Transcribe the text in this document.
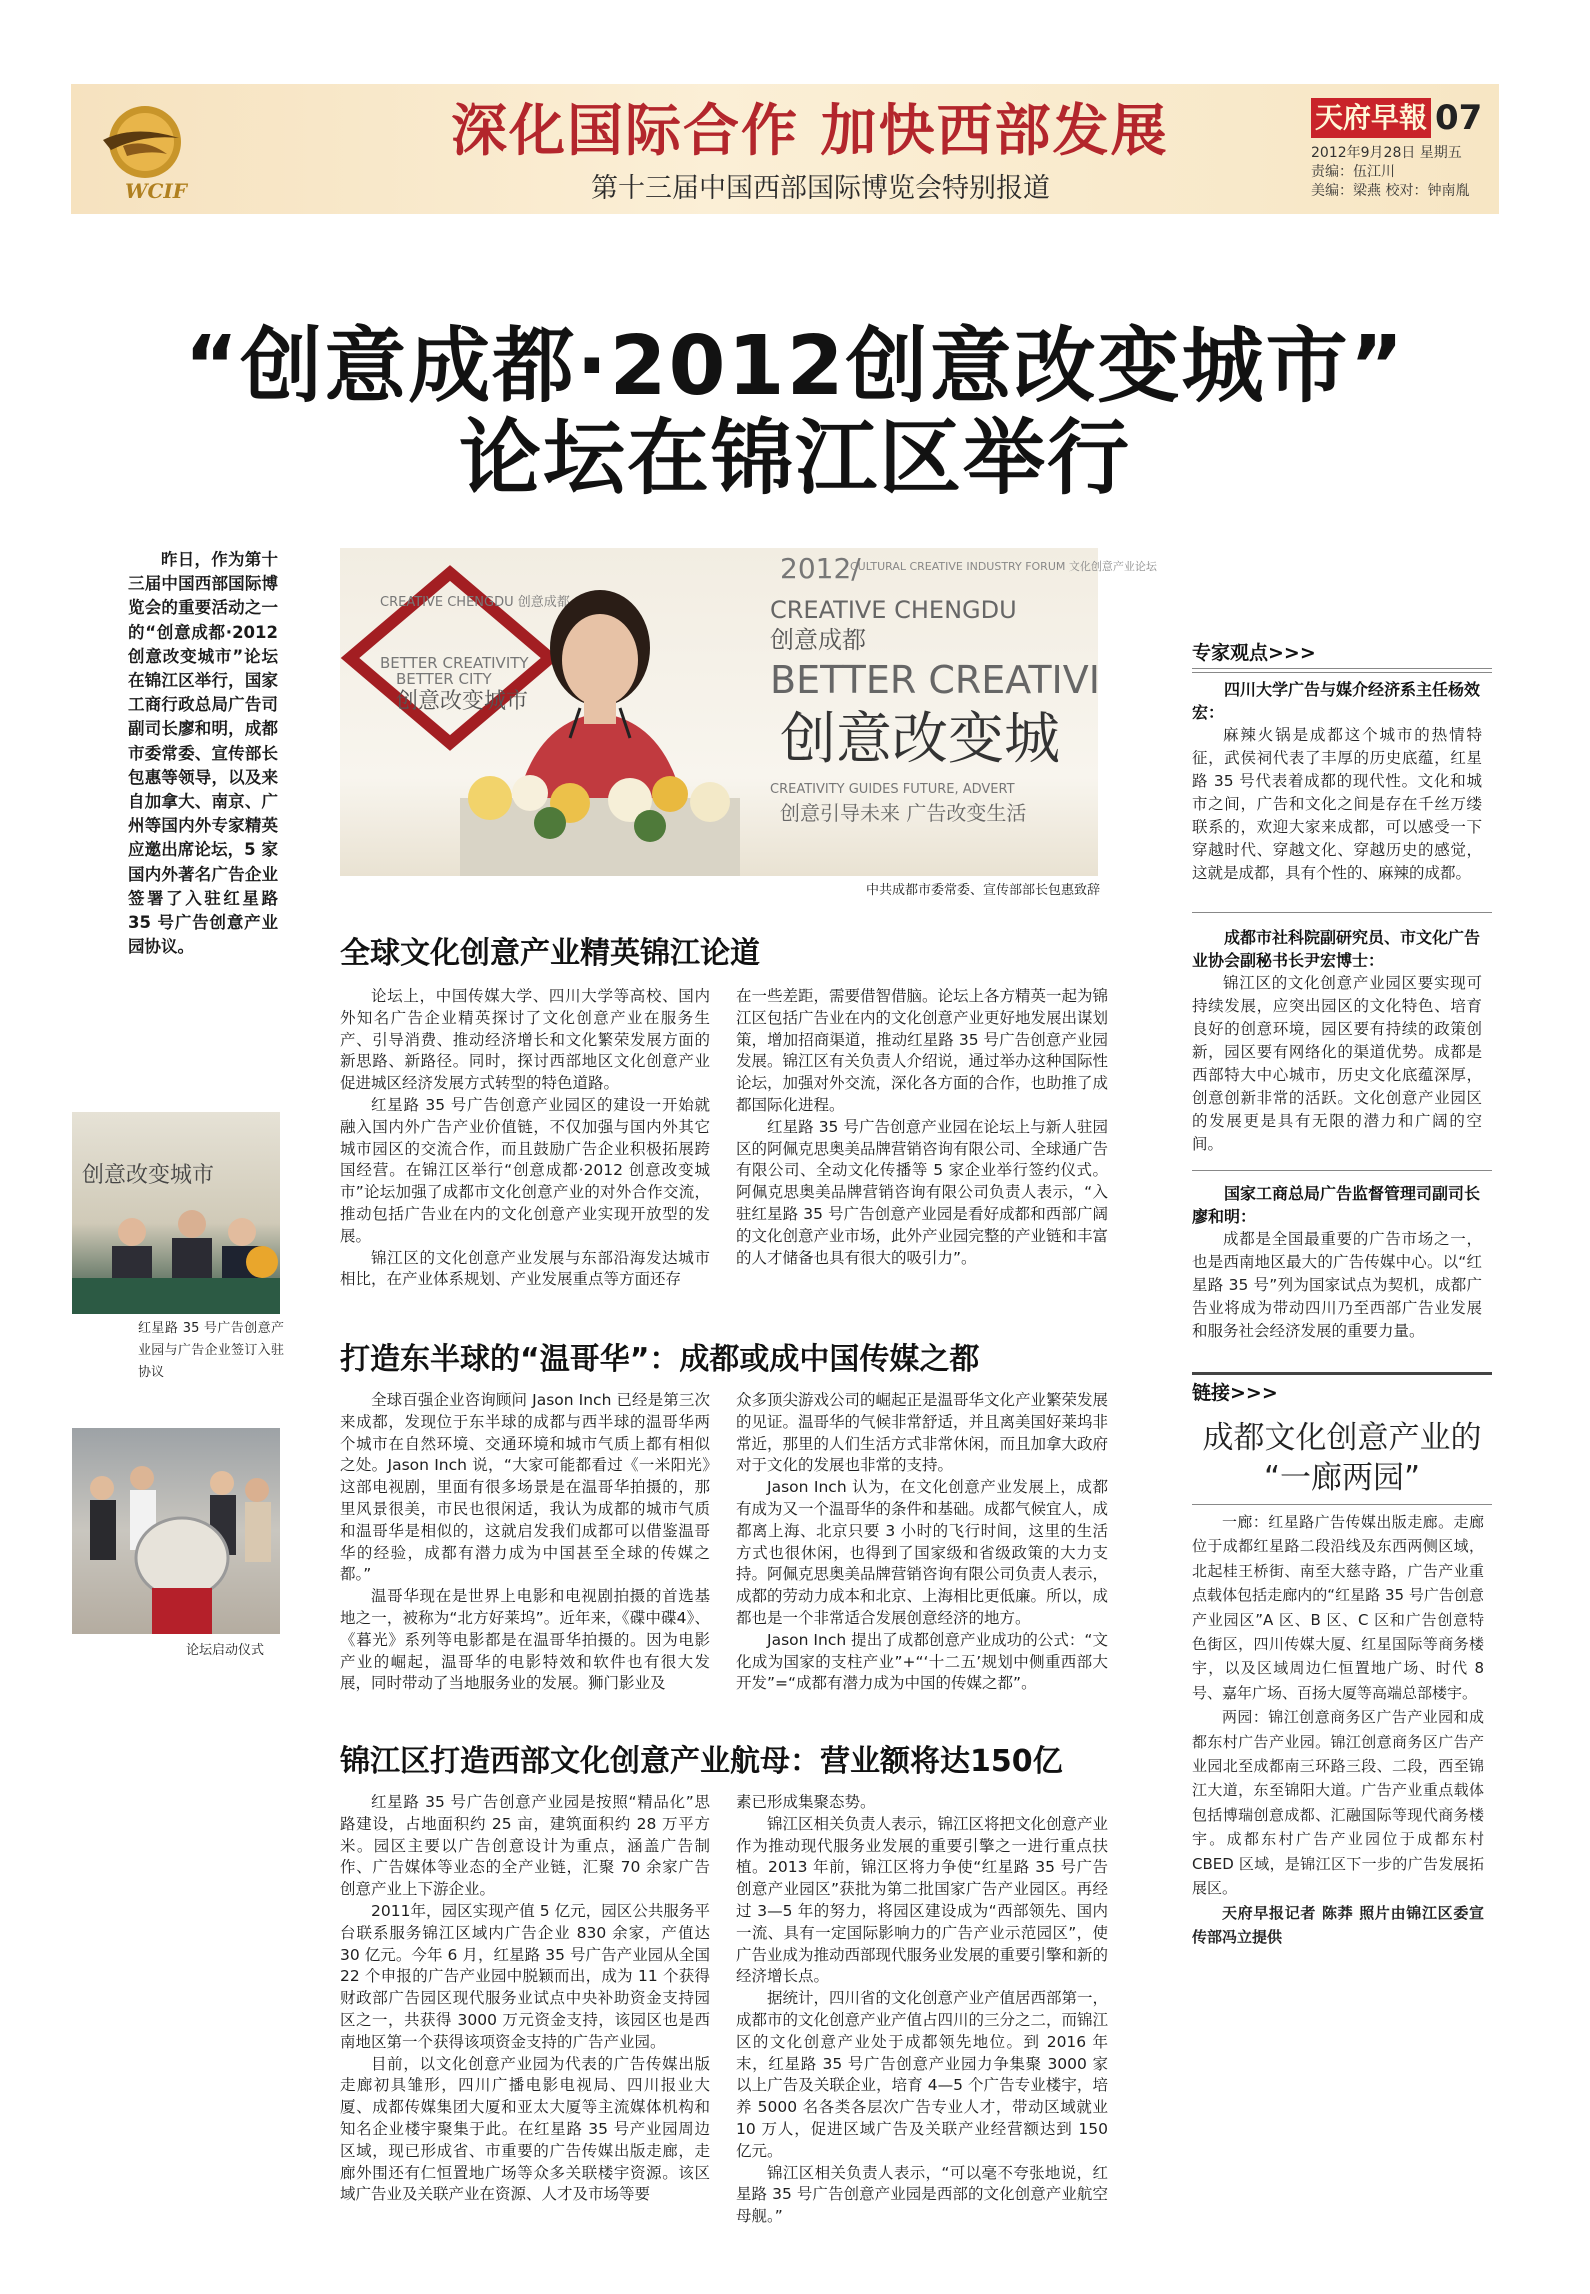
WCIF
深化国际合作 加快西部发展
第十三届中国西部国际博览会特别报道
天府早報 07
2012年9月28日 星期五
责编：伍江川
美编：梁燕 校对：钟南胤
“创意成都·2012创意改变城市”
论坛在锦江区举行

昨日，作为第十三届中国西部国际博览会的重要活动之一的“创意成都·2012 创意改变城市”论坛在锦江区举行，国家工商行政总局广告司副司长廖和明，成都市委常委、宣传部长包惠等领导，以及来自加拿大、南京、广州等国内外专家精英应邀出席论坛，5 家国内外著名广告企业签署了入驻红星路 35 号广告创意产业园协议。

CREATIVE CHENGDU 创意成都
BETTER CREATIVITY
BETTER CITY
创意改变城市
2012/
CULTURAL CREATIVE INDUSTRY FORUM 文化创意产业论坛
CREATIVE CHENGDU
创意成都
BETTER CREATIVI
创意改变城
CREATIVITY GUIDES FUTURE, ADVERT
创意引导未来 广告改变生活
中共成都市委常委、宣传部部长包惠致辞
创意改变城市
红星路 35 号广告创意产业园与广告企业签订入驻协议
论坛启动仪式
全球文化创意产业精英锦江论道

论坛上，中国传媒大学、四川大学等高校、国内外知名广告企业精英探讨了文化创意产业在服务生产、引导消费、推动经济增长和文化繁荣发展方面的新思路、新路径。同时，探讨西部地区文化创意产业促进城区经济发展方式转型的特色道路。

红星路 35 号广告创意产业园区的建设一开始就融入国内外广告产业价值链，不仅加强与国内外其它城市园区的交流合作，而且鼓励广告企业积极拓展跨国经营。在锦江区举行“创意成都·2012 创意改变城市”论坛加强了成都市文化创意产业的对外合作交流，推动包括广告业在内的文化创意产业实现开放型的发展。

锦江区的文化创意产业发展与东部沿海发达城市相比，在产业体系规划、产业发展重点等方面还存

在一些差距，需要借智借脑。论坛上各方精英一起为锦江区包括广告业在内的文化创意产业更好地发展出谋划策，增加招商渠道，推动红星路 35 号广告创意产业园发展。锦江区有关负责人介绍说，通过举办这种国际性论坛，加强对外交流，深化各方面的合作，也助推了成都国际化进程。

红星路 35 号广告创意产业园在论坛上与新人驻园区的阿佩克思奥美品牌营销咨询有限公司、全球通广告有限公司、全动文化传播等 5 家企业举行签约仪式。阿佩克思奥美品牌营销咨询有限公司负责人表示，“入驻红星路 35 号广告创意产业园是看好成都和西部广阔的文化创意产业市场，此外产业园完整的产业链和丰富的人才储备也具有很大的吸引力”。

打造东半球的“温哥华”：成都或成中国传媒之都

全球百强企业咨询顾问 Jason Inch 已经是第三次来成都，发现位于东半球的成都与西半球的温哥华两个城市在自然环境、交通环境和城市气质上都有相似之处。Jason Inch 说，“大家可能都看过《一米阳光》这部电视剧，里面有很多场景是在温哥华拍摄的，那里风景很美，市民也很闲适，我认为成都的城市气质和温哥华是相似的，这就启发我们成都可以借鉴温哥华的经验，成都有潜力成为中国甚至全球的传媒之都。”

温哥华现在是世界上电影和电视剧拍摄的首选基地之一，被称为“北方好莱坞”。近年来，《碟中碟4》、《暮光》系列等电影都是在温哥华拍摄的。因为电影产业的崛起，温哥华的电影特效和软件也有很大发展，同时带动了当地服务业的发展。狮门影业及

众多顶尖游戏公司的崛起正是温哥华文化产业繁荣发展的见证。温哥华的气候非常舒适，并且离美国好莱坞非常近，那里的人们生活方式非常休闲，而且加拿大政府对于文化的发展也非常的支持。

Jason Inch 认为，在文化创意产业发展上，成都有成为又一个温哥华的条件和基础。成都气候宜人，成都离上海、北京只要 3 小时的飞行时间，这里的生活方式也很休闲，也得到了国家级和省级政策的大力支持。阿佩克思奥美品牌营销咨询有限公司负责人表示，成都的劳动力成本和北京、上海相比更低廉。所以，成都也是一个非常适合发展创意经济的地方。

Jason Inch 提出了成都创意产业成功的公式：“文化成为国家的支柱产业”+“‘十二五’规划中侧重西部大开发”=“成都有潜力成为中国的传媒之都”。

锦江区打造西部文化创意产业航母：营业额将达150亿

红星路 35 号广告创意产业园是按照“精品化”思路建设，占地面积约 25 亩，建筑面积约 28 万平方米。园区主要以广告创意设计为重点，涵盖广告制作、广告媒体等业态的全产业链，汇聚 70 余家广告创意产业上下游企业。

2011年，园区实现产值 5 亿元，园区公共服务平台联系服务锦江区域内广告企业 830 余家，产值达 30 亿元。今年 6 月，红星路 35 号广告产业园从全国 22 个申报的广告产业园中脱颖而出，成为 11 个获得财政部广告园区现代服务业试点中央补助资金支持园区之一，共获得 3000 万元资金支持，该园区也是西南地区第一个获得该项资金支持的广告产业园。

目前，以文化创意产业园为代表的广告传媒出版走廊初具雏形，四川广播电影电视局、四川报业大厦、成都传媒集团大厦和亚太大厦等主流媒体机构和知名企业楼宇聚集于此。在红星路 35 号产业园周边区域，现已形成省、市重要的广告传媒出版走廊，走廊外围还有仁恒置地广场等众多关联楼宇资源。该区域广告业及关联产业在资源、人才及市场等要

素已形成集聚态势。

锦江区相关负责人表示，锦江区将把文化创意产业作为推动现代服务业发展的重要引擎之一进行重点扶植。2013 年前，锦江区将力争使“红星路 35 号广告创意产业园区”获批为第二批国家广告产业园区。再经过 3—5 年的努力，将园区建设成为“西部领先、国内一流、具有一定国际影响力的广告产业示范园区”，使广告业成为推动西部现代服务业发展的重要引擎和新的经济增长点。

据统计，四川省的文化创意产业产值居西部第一，成都市的文化创意产业产值占四川的三分之二，而锦江区的文化创意产业处于成都领先地位。到 2016 年末，红星路 35 号广告创意产业园力争集聚 3000 家以上广告及关联企业，培育 4—5 个广告专业楼宇，培养 5000 名各类各层次广告专业人才，带动区域就业 10 万人，促进区域广告及关联产业经营额达到 150 亿元。

锦江区相关负责人表示，“可以毫不夸张地说，红星路 35 号广告创意产业园是西部的文化创意产业航空母舰。”

专家观点>>>
四川大学广告与媒介经济系主任杨效宏：

麻辣火锅是成都这个城市的热情特征，武侯祠代表了丰厚的历史底蕴，红星路 35 号代表着成都的现代性。文化和城市之间，广告和文化之间是存在千丝万缕联系的，欢迎大家来成都，可以感受一下穿越时代、穿越文化、穿越历史的感觉，这就是成都，具有个性的、麻辣的成都。

成都市社科院副研究员、市文化广告业协会副秘书长尹宏博士：

锦江区的文化创意产业园区要实现可持续发展，应突出园区的文化特色、培育良好的创意环境，园区要有持续的政策创新，园区要有网络化的渠道优势。成都是西部特大中心城市，历史文化底蕴深厚，创意创新非常的活跃。文化创意产业园区的发展更是具有无限的潜力和广阔的空间。

国家工商总局广告监督管理司副司长廖和明：

成都是全国最重要的广告市场之一，也是西南地区最大的广告传媒中心。以“红星路 35 号”列为国家试点为契机，成都广告业将成为带动四川乃至西部广告业发展和服务社会经济发展的重要力量。

链接>>>
成都文化创意产业的
“一廊两园”

一廊：红星路广告传媒出版走廊。走廊位于成都红星路二段沿线及东西两侧区域，北起桂王桥街、南至大慈寺路，广告产业重点载体包括走廊内的“红星路 35 号广告创意产业园区”A 区、B 区、C 区和广告创意特色街区，四川传媒大厦、红星国际等商务楼宇，以及区域周边仁恒置地广场、时代 8 号、嘉年广场、百扬大厦等高端总部楼宇。

两园：锦江创意商务区广告产业园和成都东村广告产业园。锦江创意商务区广告产业园北至成都南三环路三段、二段，西至锦江大道，东至锦阳大道。广告产业重点载体包括博瑞创意成都、汇融国际等现代商务楼宇。成都东村广告产业园位于成都东村 CBED 区域，是锦江区下一步的广告发展拓展区。

天府早报记者 陈莽 照片由锦江区委宣传部冯立提供
